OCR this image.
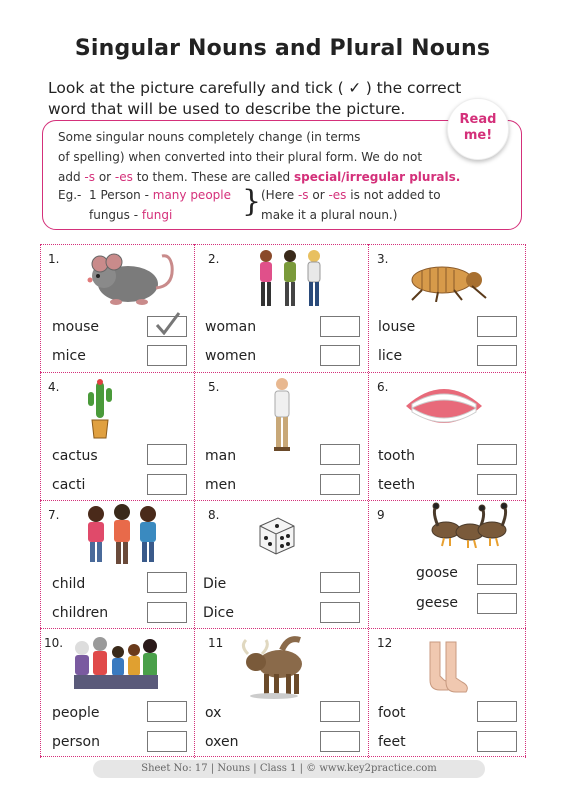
Singular Nouns and Plural Nouns
Look at the picture carefully and tick ( ✓ ) the correct
word that will be used to describe the picture.
Some singular nouns completely change (in terms
of spelling) when converted into their plural form. We do not
add -s or -es to them. These are called special/irregular plurals.
Eg.- 1 Person - many people
fungus - fungi } (Here -s or -es is not added to
make it a plural noun.)
Read
me!
1.
mouse
mice
2.
woman
women
3.
louse
lice
4.
cactus
cacti
5.
man
men
6.
tooth
teeth
7.
child
children
8.
Die
Dice
9
goose
geese
10.
people
person
11
ox
oxen
12
foot
feet
Sheet No: 17 | Nouns | Class 1 | © www.key2practice.com
